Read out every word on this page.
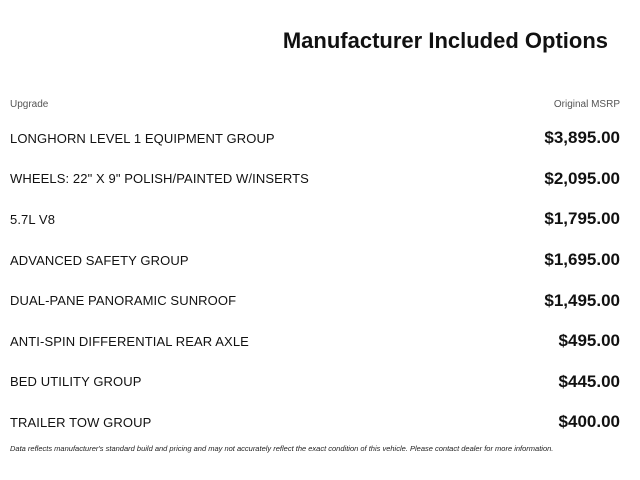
Manufacturer Included Options
Upgrade	Original MSRP
LONGHORN LEVEL 1 EQUIPMENT GROUP	$3,895.00
WHEELS: 22" X 9" POLISH/PAINTED W/INSERTS	$2,095.00
5.7L V8	$1,795.00
ADVANCED SAFETY GROUP	$1,695.00
DUAL-PANE PANORAMIC SUNROOF	$1,495.00
ANTI-SPIN DIFFERENTIAL REAR AXLE	$495.00
BED UTILITY GROUP	$445.00
TRAILER TOW GROUP	$400.00
Data reflects manufacturer's standard build and pricing and may not accurately reflect the exact condition of this vehicle. Please contact dealer for more information.
